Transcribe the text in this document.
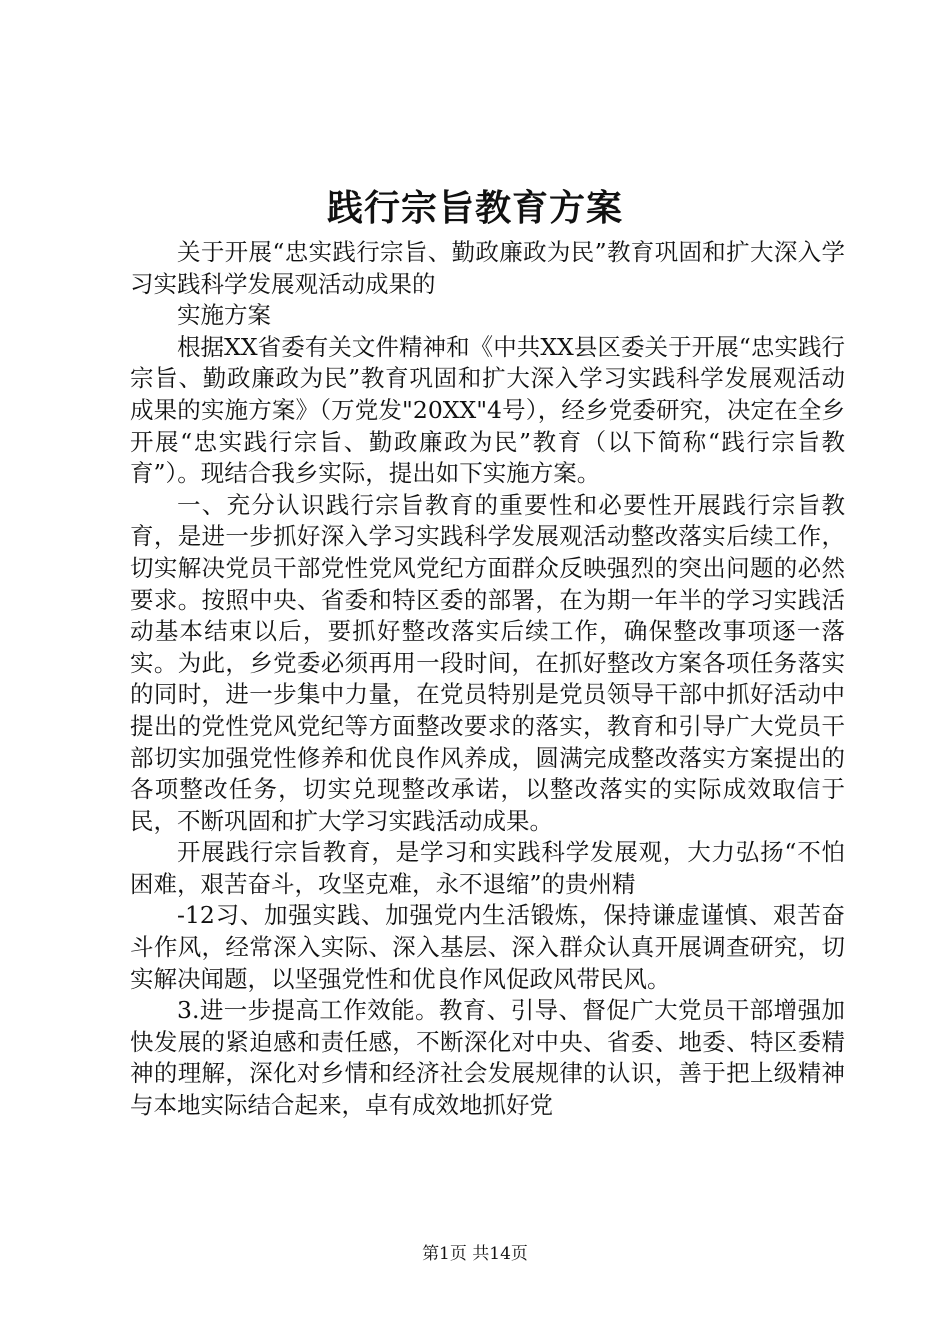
践行宗旨教育方案

关于开展“忠实践行宗旨、勤政廉政为民”教育巩固和扩大深入学习实践科学发展观活动成果的

实施方案

根据XX省委有关文件精神和《中共XX县区委关于开展“忠实践行宗旨、勤政廉政为民”教育巩固和扩大深入学习实践科学发展观活动成果的实施方案》（万党发"20XX"4号），经乡党委研究，决定在全乡开展“忠实践行宗旨、勤政廉政为民”教育（以下简称“践行宗旨教育”）。现结合我乡实际，提出如下实施方案。

一、充分认识践行宗旨教育的重要性和必要性开展践行宗旨教育，是进一步抓好深入学习实践科学发展观活动整改落实后续工作，切实解决党员干部党性党风党纪方面群众反映强烈的突出问题的必然要求。按照中央、省委和特区委的部署，在为期一年半的学习实践活动基本结束以后，要抓好整改落实后续工作，确保整改事项逐一落实。为此，乡党委必须再用一段时间，在抓好整改方案各项任务落实的同时，进一步集中力量，在党员特别是党员领导干部中抓好活动中提出的党性党风党纪等方面整改要求的落实，教育和引导广大党员干部切实加强党性修养和优良作风养成，圆满完成整改落实方案提出的各项整改任务，切实兑现整改承诺，以整改落实的实际成效取信于民，不断巩固和扩大学习实践活动成果。

开展践行宗旨教育，是学习和实践科学发展观，大力弘扬“不怕困难，艰苦奋斗，攻坚克难，永不退缩”的贵州精

-12习、加强实践、加强党内生活锻炼，保持谦虚谨慎、艰苦奋斗作风，经常深入实际、深入基层、深入群众认真开展调查研究，切实解决闻题，以坚强党性和优良作风促政风带民风。

3.进一步提高工作效能。教育、引导、督促广大党员干部增强加快发展的紧迫感和责任感，不断深化对中央、省委、地委、特区委精神的理解，深化对乡情和经济社会发展规律的认识，善于把上级精神与本地实际结合起来，卓有成效地抓好党

第1页 共14页
